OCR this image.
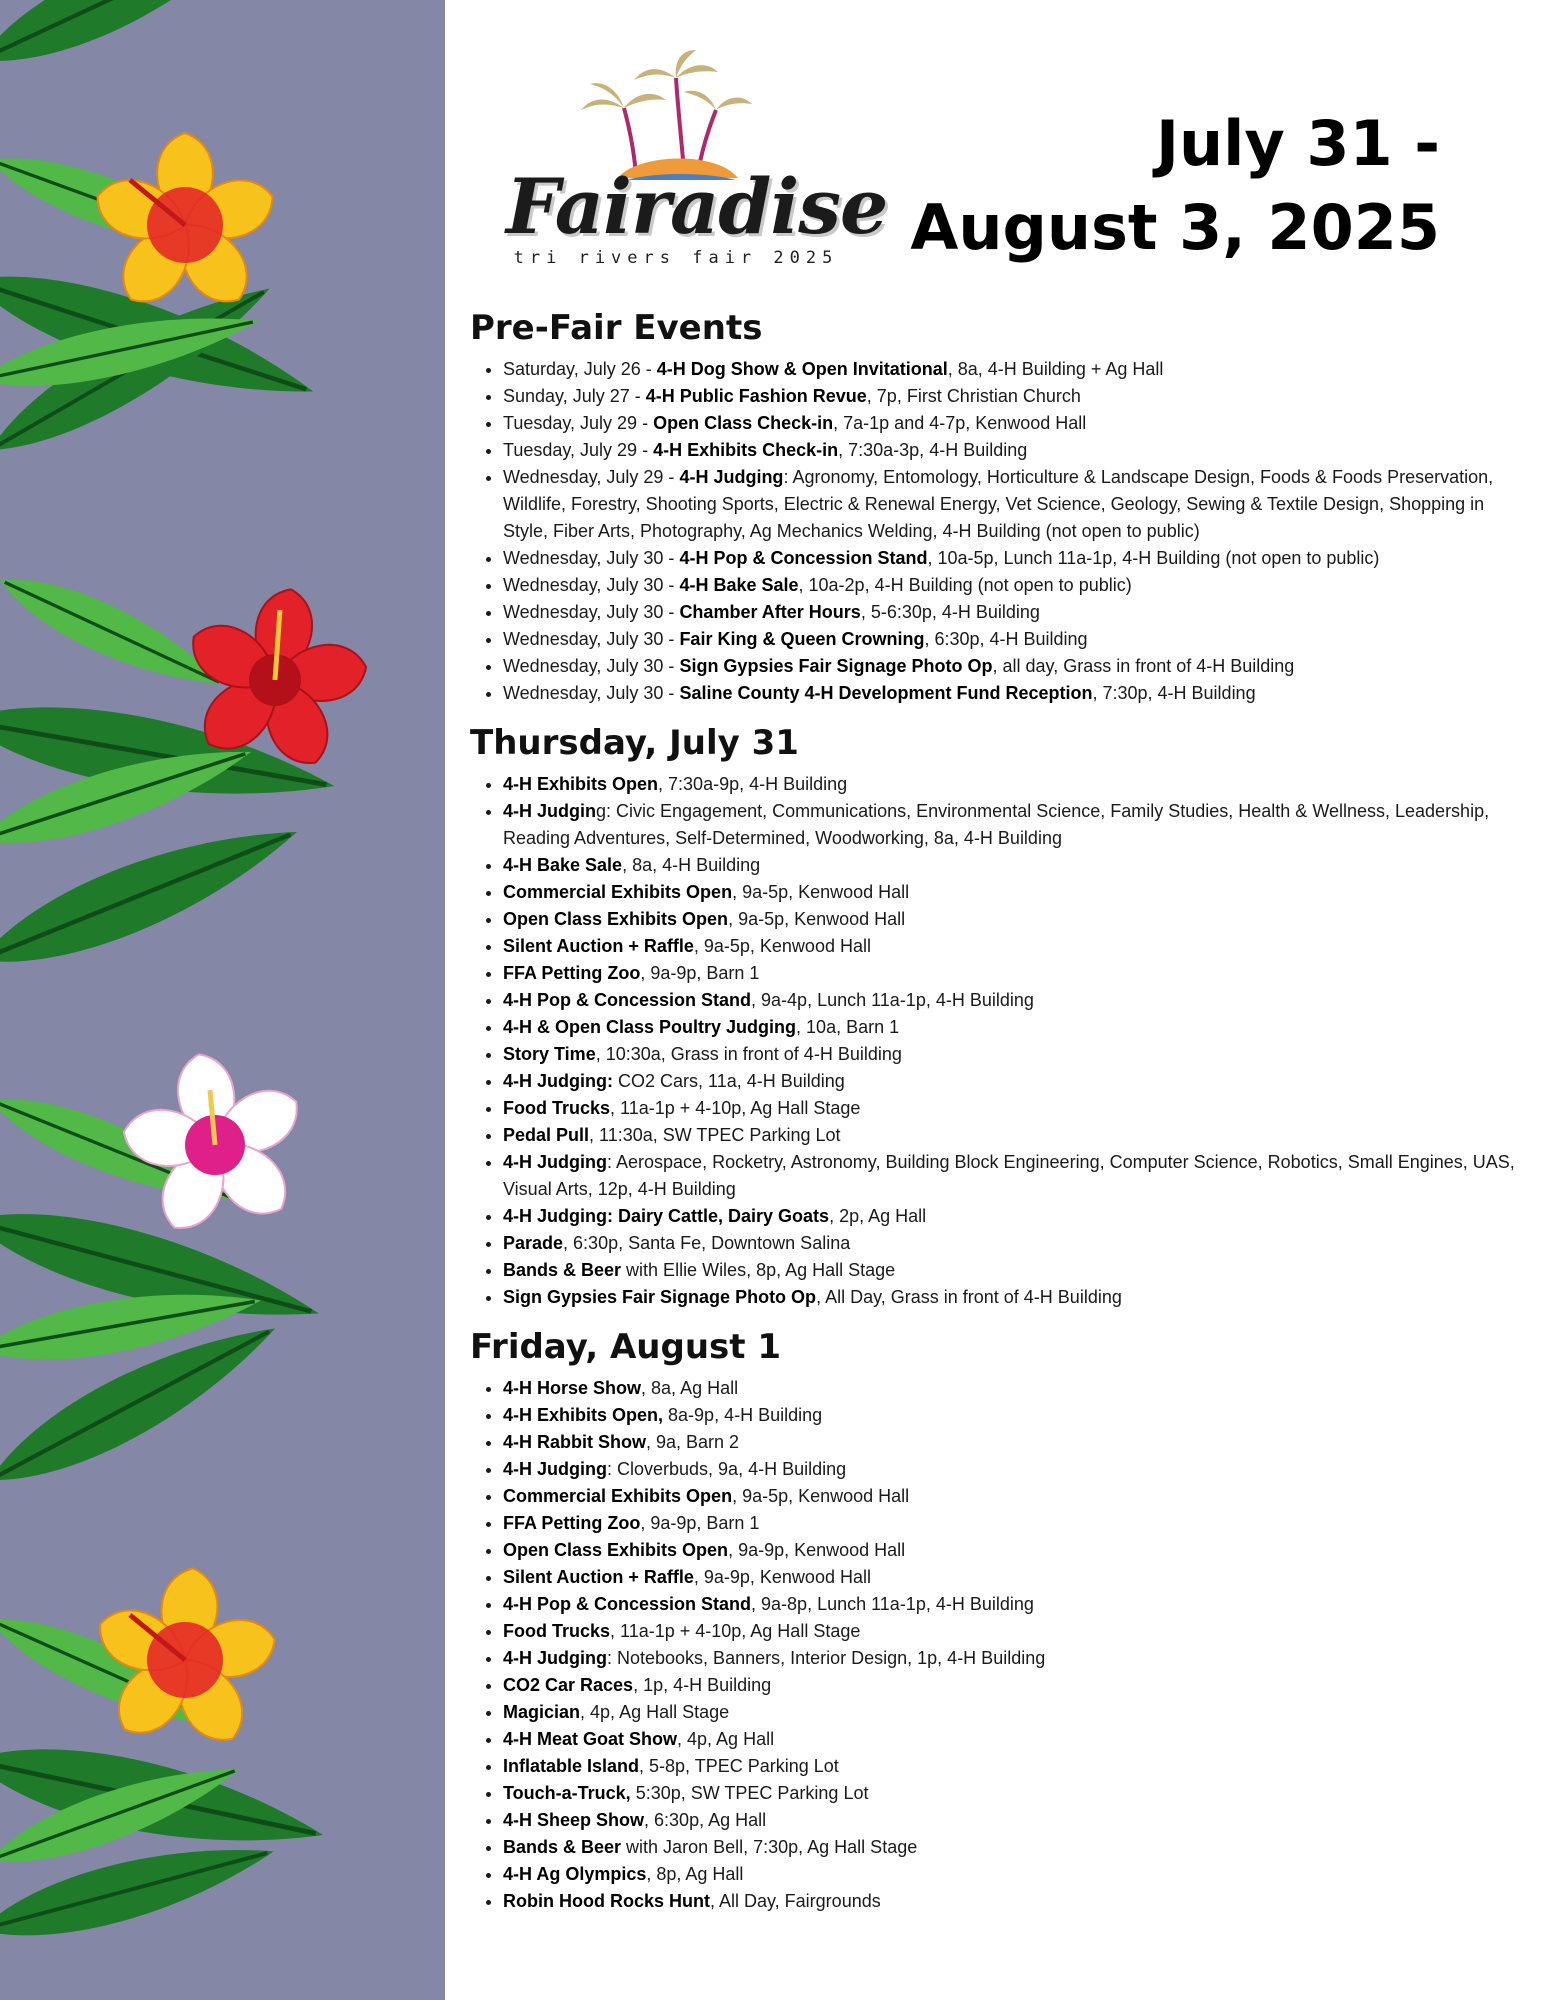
Fairadise
tri rivers fair 2025
July 31 -
August 3, 2025
Pre-Fair Events
• Saturday, July 26 - 4-H Dog Show & Open Invitational, 8a, 4-H Building + Ag Hall
• Sunday, July 27 - 4-H Public Fashion Revue, 7p, First Christian Church
• Tuesday, July 29 - Open Class Check-in, 7a-1p and 4-7p, Kenwood Hall
• Tuesday, July 29 - 4-H Exhibits Check-in, 7:30a-3p, 4-H Building
• Wednesday, July 29 - 4-H Judging: Agronomy, Entomology, Horticulture & Landscape Design, Foods & Foods Preservation, Wildlife, Forestry, Shooting Sports, Electric & Renewal Energy, Vet Science, Geology, Sewing & Textile Design, Shopping in Style, Fiber Arts, Photography, Ag Mechanics Welding, 4-H Building (not open to public)
• Wednesday, July 30 - 4-H Pop & Concession Stand, 10a-5p, Lunch 11a-1p, 4-H Building (not open to public)
• Wednesday, July 30 - 4-H Bake Sale, 10a-2p, 4-H Building (not open to public)
• Wednesday, July 30 - Chamber After Hours, 5-6:30p, 4-H Building
• Wednesday, July 30 - Fair King & Queen Crowning, 6:30p, 4-H Building
• Wednesday, July 30 - Sign Gypsies Fair Signage Photo Op, all day, Grass in front of 4-H Building
• Wednesday, July 30 - Saline County 4-H Development Fund Reception, 7:30p, 4-H Building
Thursday, July 31
• 4-H Exhibits Open, 7:30a-9p, 4-H Building
• 4-H Judging: Civic Engagement, Communications, Environmental Science, Family Studies, Health & Wellness, Leadership, Reading Adventures, Self-Determined, Woodworking, 8a, 4-H Building
• 4-H Bake Sale, 8a, 4-H Building
• Commercial Exhibits Open, 9a-5p, Kenwood Hall
• Open Class Exhibits Open, 9a-5p, Kenwood Hall
• Silent Auction + Raffle, 9a-5p, Kenwood Hall
• FFA Petting Zoo, 9a-9p, Barn 1
• 4-H Pop & Concession Stand, 9a-4p, Lunch 11a-1p, 4-H Building
• 4-H & Open Class Poultry Judging, 10a, Barn 1
• Story Time, 10:30a, Grass in front of 4-H Building
• 4-H Judging: CO2 Cars, 11a, 4-H Building
• Food Trucks, 11a-1p + 4-10p, Ag Hall Stage
• Pedal Pull, 11:30a, SW TPEC Parking Lot
• 4-H Judging: Aerospace, Rocketry, Astronomy, Building Block Engineering, Computer Science, Robotics, Small Engines, UAS, Visual Arts, 12p, 4-H Building
• 4-H Judging: Dairy Cattle, Dairy Goats, 2p, Ag Hall
• Parade, 6:30p, Santa Fe, Downtown Salina
• Bands & Beer with Ellie Wiles, 8p, Ag Hall Stage
• Sign Gypsies Fair Signage Photo Op, All Day, Grass in front of 4-H Building
Friday, August 1
• 4-H Horse Show, 8a, Ag Hall
• 4-H Exhibits Open, 8a-9p, 4-H Building
• 4-H Rabbit Show, 9a, Barn 2
• 4-H Judging: Cloverbuds, 9a, 4-H Building
• Commercial Exhibits Open, 9a-5p, Kenwood Hall
• FFA Petting Zoo, 9a-9p, Barn 1
• Open Class Exhibits Open, 9a-9p, Kenwood Hall
• Silent Auction + Raffle, 9a-9p, Kenwood Hall
• 4-H Pop & Concession Stand, 9a-8p, Lunch 11a-1p, 4-H Building
• Food Trucks, 11a-1p + 4-10p, Ag Hall Stage
• 4-H Judging: Notebooks, Banners, Interior Design, 1p, 4-H Building
• CO2 Car Races, 1p, 4-H Building
• Magician, 4p, Ag Hall Stage
• 4-H Meat Goat Show, 4p, Ag Hall
• Inflatable Island, 5-8p, TPEC Parking Lot
• Touch-a-Truck, 5:30p, SW TPEC Parking Lot
• 4-H Sheep Show, 6:30p, Ag Hall
• Bands & Beer with Jaron Bell, 7:30p, Ag Hall Stage
• 4-H Ag Olympics, 8p, Ag Hall
• Robin Hood Rocks Hunt, All Day, Fairgrounds
